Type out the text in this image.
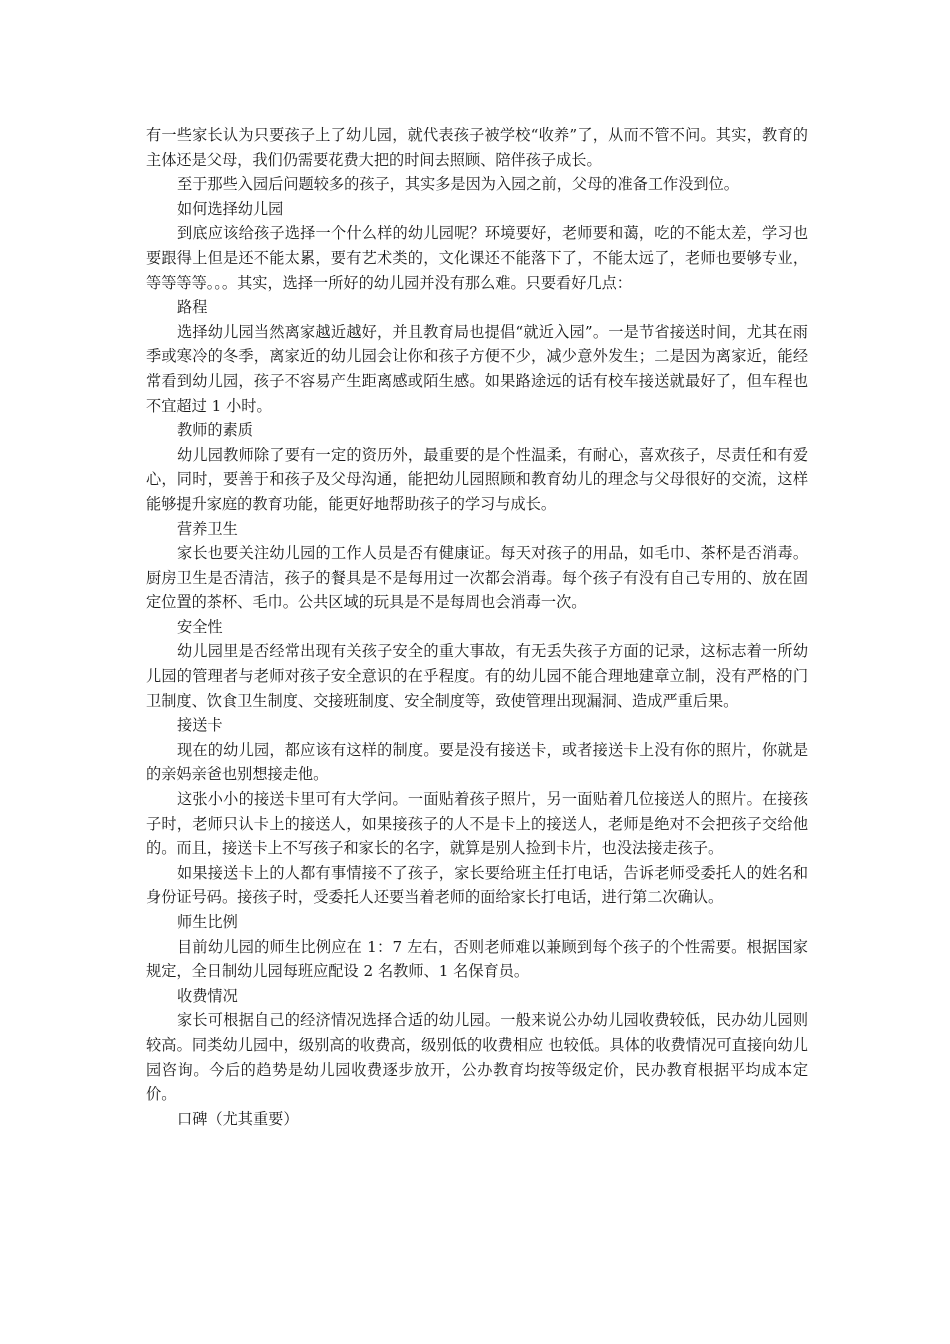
有一些家长认为只要孩子上了幼儿园，就代表孩子被学校“收养”了，从而不管不问。其实，教育的主体还是父母，我们仍需要花费大把的时间去照顾、陪伴孩子成长。

至于那些入园后问题较多的孩子，其实多是因为入园之前，父母的准备工作没到位。

如何选择幼儿园

到底应该给孩子选择一个什么样的幼儿园呢？环境要好，老师要和蔼，吃的不能太差，学习也要跟得上但是还不能太累，要有艺术类的，文化课还不能落下了，不能太远了，老师也要够专业，等等等等。。。其实，选择一所好的幼儿园并没有那么难。只要看好几点：

路程

选择幼儿园当然离家越近越好，并且教育局也提倡“就近入园”。一是节省接送时间，尤其在雨季或寒冷的冬季，离家近的幼儿园会让你和孩子方便不少，减少意外发生；二是因为离家近，能经常看到幼儿园，孩子不容易产生距离感或陌生感。如果路途远的话有校车接送就最好了，但车程也不宜超过 1 小时。

教师的素质

幼儿园教师除了要有一定的资历外，最重要的是个性温柔，有耐心，喜欢孩子，尽责任和有爱心，同时，要善于和孩子及父母沟通，能把幼儿园照顾和教育幼儿的理念与父母很好的交流，这样能够提升家庭的教育功能，能更好地帮助孩子的学习与成长。

营养卫生

家长也要关注幼儿园的工作人员是否有健康证。每天对孩子的用品，如毛巾、茶杯是否消毒。厨房卫生是否清洁，孩子的餐具是不是每用过一次都会消毒。每个孩子有没有自己专用的、放在固定位置的茶杯、毛巾。公共区域的玩具是不是每周也会消毒一次。

安全性

幼儿园里是否经常出现有关孩子安全的重大事故，有无丢失孩子方面的记录，这标志着一所幼儿园的管理者与老师对孩子安全意识的在乎程度。有的幼儿园不能合理地建章立制，没有严格的门卫制度、饮食卫生制度、交接班制度、安全制度等，致使管理出现漏洞、造成严重后果。

接送卡

现在的幼儿园，都应该有这样的制度。要是没有接送卡，或者接送卡上没有你的照片，你就是的亲妈亲爸也别想接走他。

这张小小的接送卡里可有大学问。一面贴着孩子照片，另一面贴着几位接送人的照片。在接孩子时，老师只认卡上的接送人，如果接孩子的人不是卡上的接送人，老师是绝对不会把孩子交给他的。而且，接送卡上不写孩子和家长的名字，就算是别人捡到卡片，也没法接走孩子。

如果接送卡上的人都有事情接不了孩子，家长要给班主任打电话，告诉老师受委托人的姓名和身份证号码。接孩子时，受委托人还要当着老师的面给家长打电话，进行第二次确认。

师生比例

目前幼儿园的师生比例应在 1：7 左右，否则老师难以兼顾到每个孩子的个性需要。根据国家规定，全日制幼儿园每班应配设 2 名教师、1 名保育员。

收费情况

家长可根据自己的经济情况选择合适的幼儿园。一般来说公办幼儿园收费较低，民办幼儿园则较高。同类幼儿园中，级别高的收费高，级别低的收费相应 也较低。具体的收费情况可直接向幼儿园咨询。今后的趋势是幼儿园收费逐步放开，公办教育均按等级定价，民办教育根据平均成本定价。

口碑（尤其重要）
